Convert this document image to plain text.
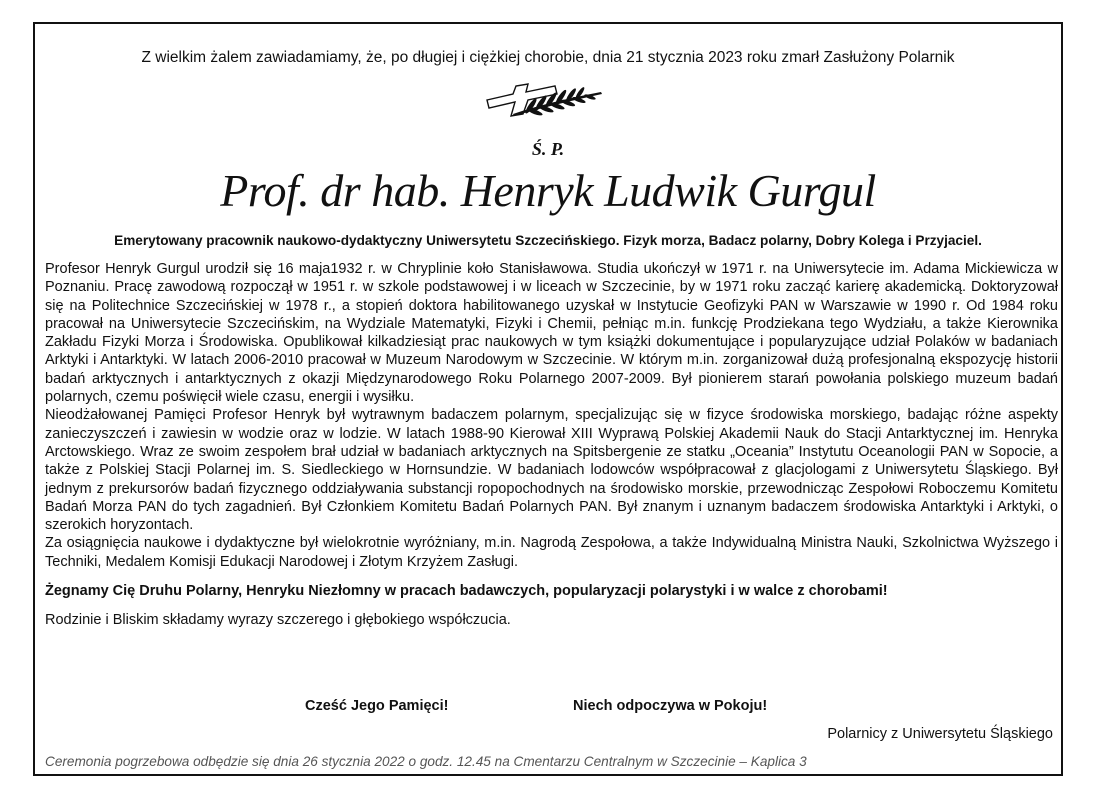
Z wielkim żalem zawiadamiamy, że, po długiej i ciężkiej chorobie, dnia 21 stycznia 2023 roku zmarł Zasłużony Polarnik

Ś. P.

Prof. dr hab. Henryk Ludwik Gurgul

Emerytowany pracownik naukowo-dydaktyczny Uniwersytetu Szczecińskiego. Fizyk morza, Badacz polarny, Dobry Kolega i Przyjaciel.

Profesor Henryk Gurgul urodził się 16 maja1932 r. w Chryplinie koło Stanisławowa. Studia ukończył w 1971 r. na Uniwersytecie im. Adama Mickiewicza w Poznaniu. Pracę zawodową rozpoczął w 1951 r. w szkole podstawowej i w liceach w Szczecinie, by w 1971 roku zacząć karierę akademicką. Doktoryzował się na Politechnice Szczecińskiej w 1978 r., a stopień doktora habilitowanego uzyskał w Instytucie Geofizyki PAN w Warszawie w 1990 r. Od 1984 roku pracował na Uniwersytecie Szczecińskim, na Wydziale Matematyki, Fizyki i Chemii, pełniąc m.in. funkcję Prodziekana tego Wydziału, a także Kierownika Zakładu Fizyki Morza i Środowiska. Opublikował kilkadziesiąt prac naukowych w tym książki dokumentujące i popularyzujące udział Polaków w badaniach Arktyki i Antarktyki. W latach 2006-2010 pracował w Muzeum Narodowym w Szczecinie. W którym m.in. zorganizował dużą profesjonalną ekspozycję historii badań arktycznych i antarktycznych z okazji Międzynarodowego Roku Polarnego 2007-2009. Był pionierem starań powołania polskiego muzeum badań polarnych, czemu poświęcił wiele czasu, energii i wysiłku.

Nieodżałowanej Pamięci Profesor Henryk był wytrawnym badaczem polarnym, specjalizując się w fizyce środowiska morskiego, badając różne aspekty zanieczyszczeń i zawiesin w wodzie oraz w lodzie. W latach 1988-90 Kierował XIII Wyprawą Polskiej Akademii Nauk do Stacji Antarktycznej im. Henryka Arctowskiego. Wraz ze swoim zespołem brał udział w badaniach arktycznych na Spitsbergenie ze statku „Oceania” Instytutu Oceanologii PAN w Sopocie, a także z Polskiej Stacji Polarnej im. S. Siedleckiego w Hornsundzie. W badaniach lodowców współpracował z glacjologami z Uniwersytetu Śląskiego. Był jednym z prekursorów badań fizycznego oddziaływania substancji ropopochodnych na środowisko morskie, przewodnicząc Zespołowi Roboczemu Komitetu Badań Morza PAN do tych zagadnień. Był Członkiem Komitetu Badań Polarnych PAN. Był znanym i uznanym badaczem środowiska Antarktyki i Arktyki, o szerokich horyzontach.

Za osiągnięcia naukowe i dydaktyczne był wielokrotnie wyróżniany, m.in. Nagrodą Zespołowa, a także Indywidualną Ministra Nauki, Szkolnictwa Wyższego i Techniki, Medalem Komisji Edukacji Narodowej i Złotym Krzyżem Zasługi.

Żegnamy Cię Druhu Polarny, Henryku Niezłomny w pracach badawczych, popularyzacji polarystyki i w walce z chorobami!

Rodzinie i Bliskim składamy wyrazy szczerego i głębokiego współczucia.

Cześć Jego Pamięci!	Niech odpoczywa w Pokoju!

Polarnicy z Uniwersytetu Śląskiego

Ceremonia pogrzebowa odbędzie się dnia 26 stycznia 2022 o godz. 12.45 na Cmentarzu Centralnym w Szczecinie – Kaplica 3
